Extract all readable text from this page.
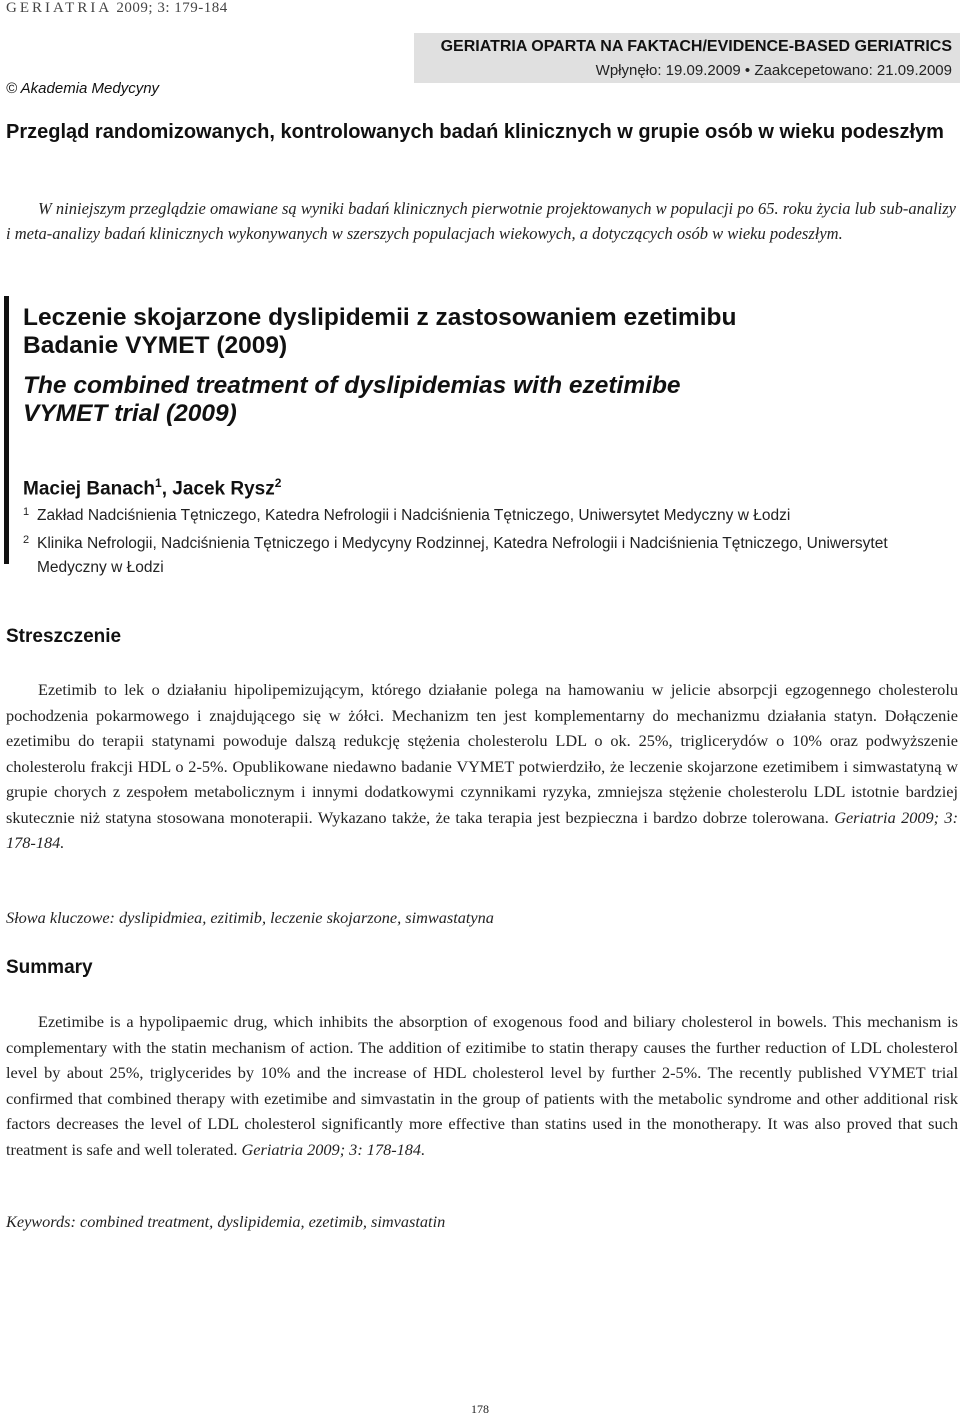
GERIATRIA 2009; 3: 179-184
GERIATRIA OPARTA NA FAKTACH/EVIDENCE-BASED GERIATRICS
Wpłynęło: 19.09.2009 • Zaakcepetowano: 21.09.2009
© Akademia Medycyny
Przegląd randomizowanych, kontrolowanych badań klinicznych w grupie osób w wieku podeszłym
W niniejszym przeglądzie omawiane są wyniki badań klinicznych pierwotnie projektowanych w populacji po 65. roku życia lub sub-analizy i meta-analizy badań klinicznych wykonywanych w szerszych populacjach wiekowych, a dotyczących osób w wieku podeszłym.
Leczenie skojarzone dyslipidemii z zastosowaniem ezetimibu
Badanie VYMET (2009)
The combined treatment of dyslipidemias with ezetimibe
VYMET trial (2009)
Maciej Banach$^1$, Jacek Rysz$^2$
1 Zakład Nadciśnienia Tętniczego, Katedra Nefrologii i Nadciśnienia Tętniczego, Uniwersytet Medyczny w Łodzi
2 Klinika Nefrologii, Nadciśnienia Tętniczego i Medycyny Rodzinnej, Katedra Nefrologii i Nadciśnienia Tętniczego, Uniwersytet Medyczny w Łodzi
Streszczenie
Ezetimib to lek o działaniu hipolipemizującym, którego działanie polega na hamowaniu w jelicie absorpcji egzogennego cholesterolu pochodzenia pokarmowego i znajdującego się w żółci. Mechanizm ten jest komplementarny do mechanizmu działania statyn. Dołączenie ezetimibu do terapii statynami powoduje dalszą redukcję stężenia cholesterolu LDL o ok. 25%, triglicerydów o 10% oraz podwyższenie cholesterolu frakcji HDL o 2-5%. Opublikowane niedawno badanie VYMET potwierdziło, że leczenie skojarzone ezetimibem i simwastatyną w grupie chorych z zespołem metabolicznym i innymi dodatkowymi czynnikami ryzyka, zmniejsza stężenie cholesterolu LDL istotnie bardziej skutecznie niż statyna stosowana monoterapii. Wykazano także, że taka terapia jest bezpieczna i bardzo dobrze tolerowana. Geriatria 2009; 3: 178-184.
Słowa kluczowe: dyslipidmiea, ezitimib, leczenie skojarzone, simwastatyna
Summary
Ezetimibe is a hypolipaemic drug, which inhibits the absorption of exogenous food and biliary cholesterol in bowels. This mechanism is complementary with the statin mechanism of action. The addition of ezitimibe to statin therapy causes the further reduction of LDL cholesterol level by about 25%, triglycerides by 10% and the increase of HDL cholesterol level by further 2-5%. The recently published VYMET trial confirmed that combined therapy with ezetimibe and simvastatin in the group of patients with the metabolic syndrome and other additional risk factors decreases the level of LDL cholesterol significantly more effective than statins used in the monotherapy. It was also proved that such treatment is safe and well tolerated. Geriatria 2009; 3: 178-184.
Keywords: combined treatment, dyslipidemia, ezetimib, simvastatin
178
